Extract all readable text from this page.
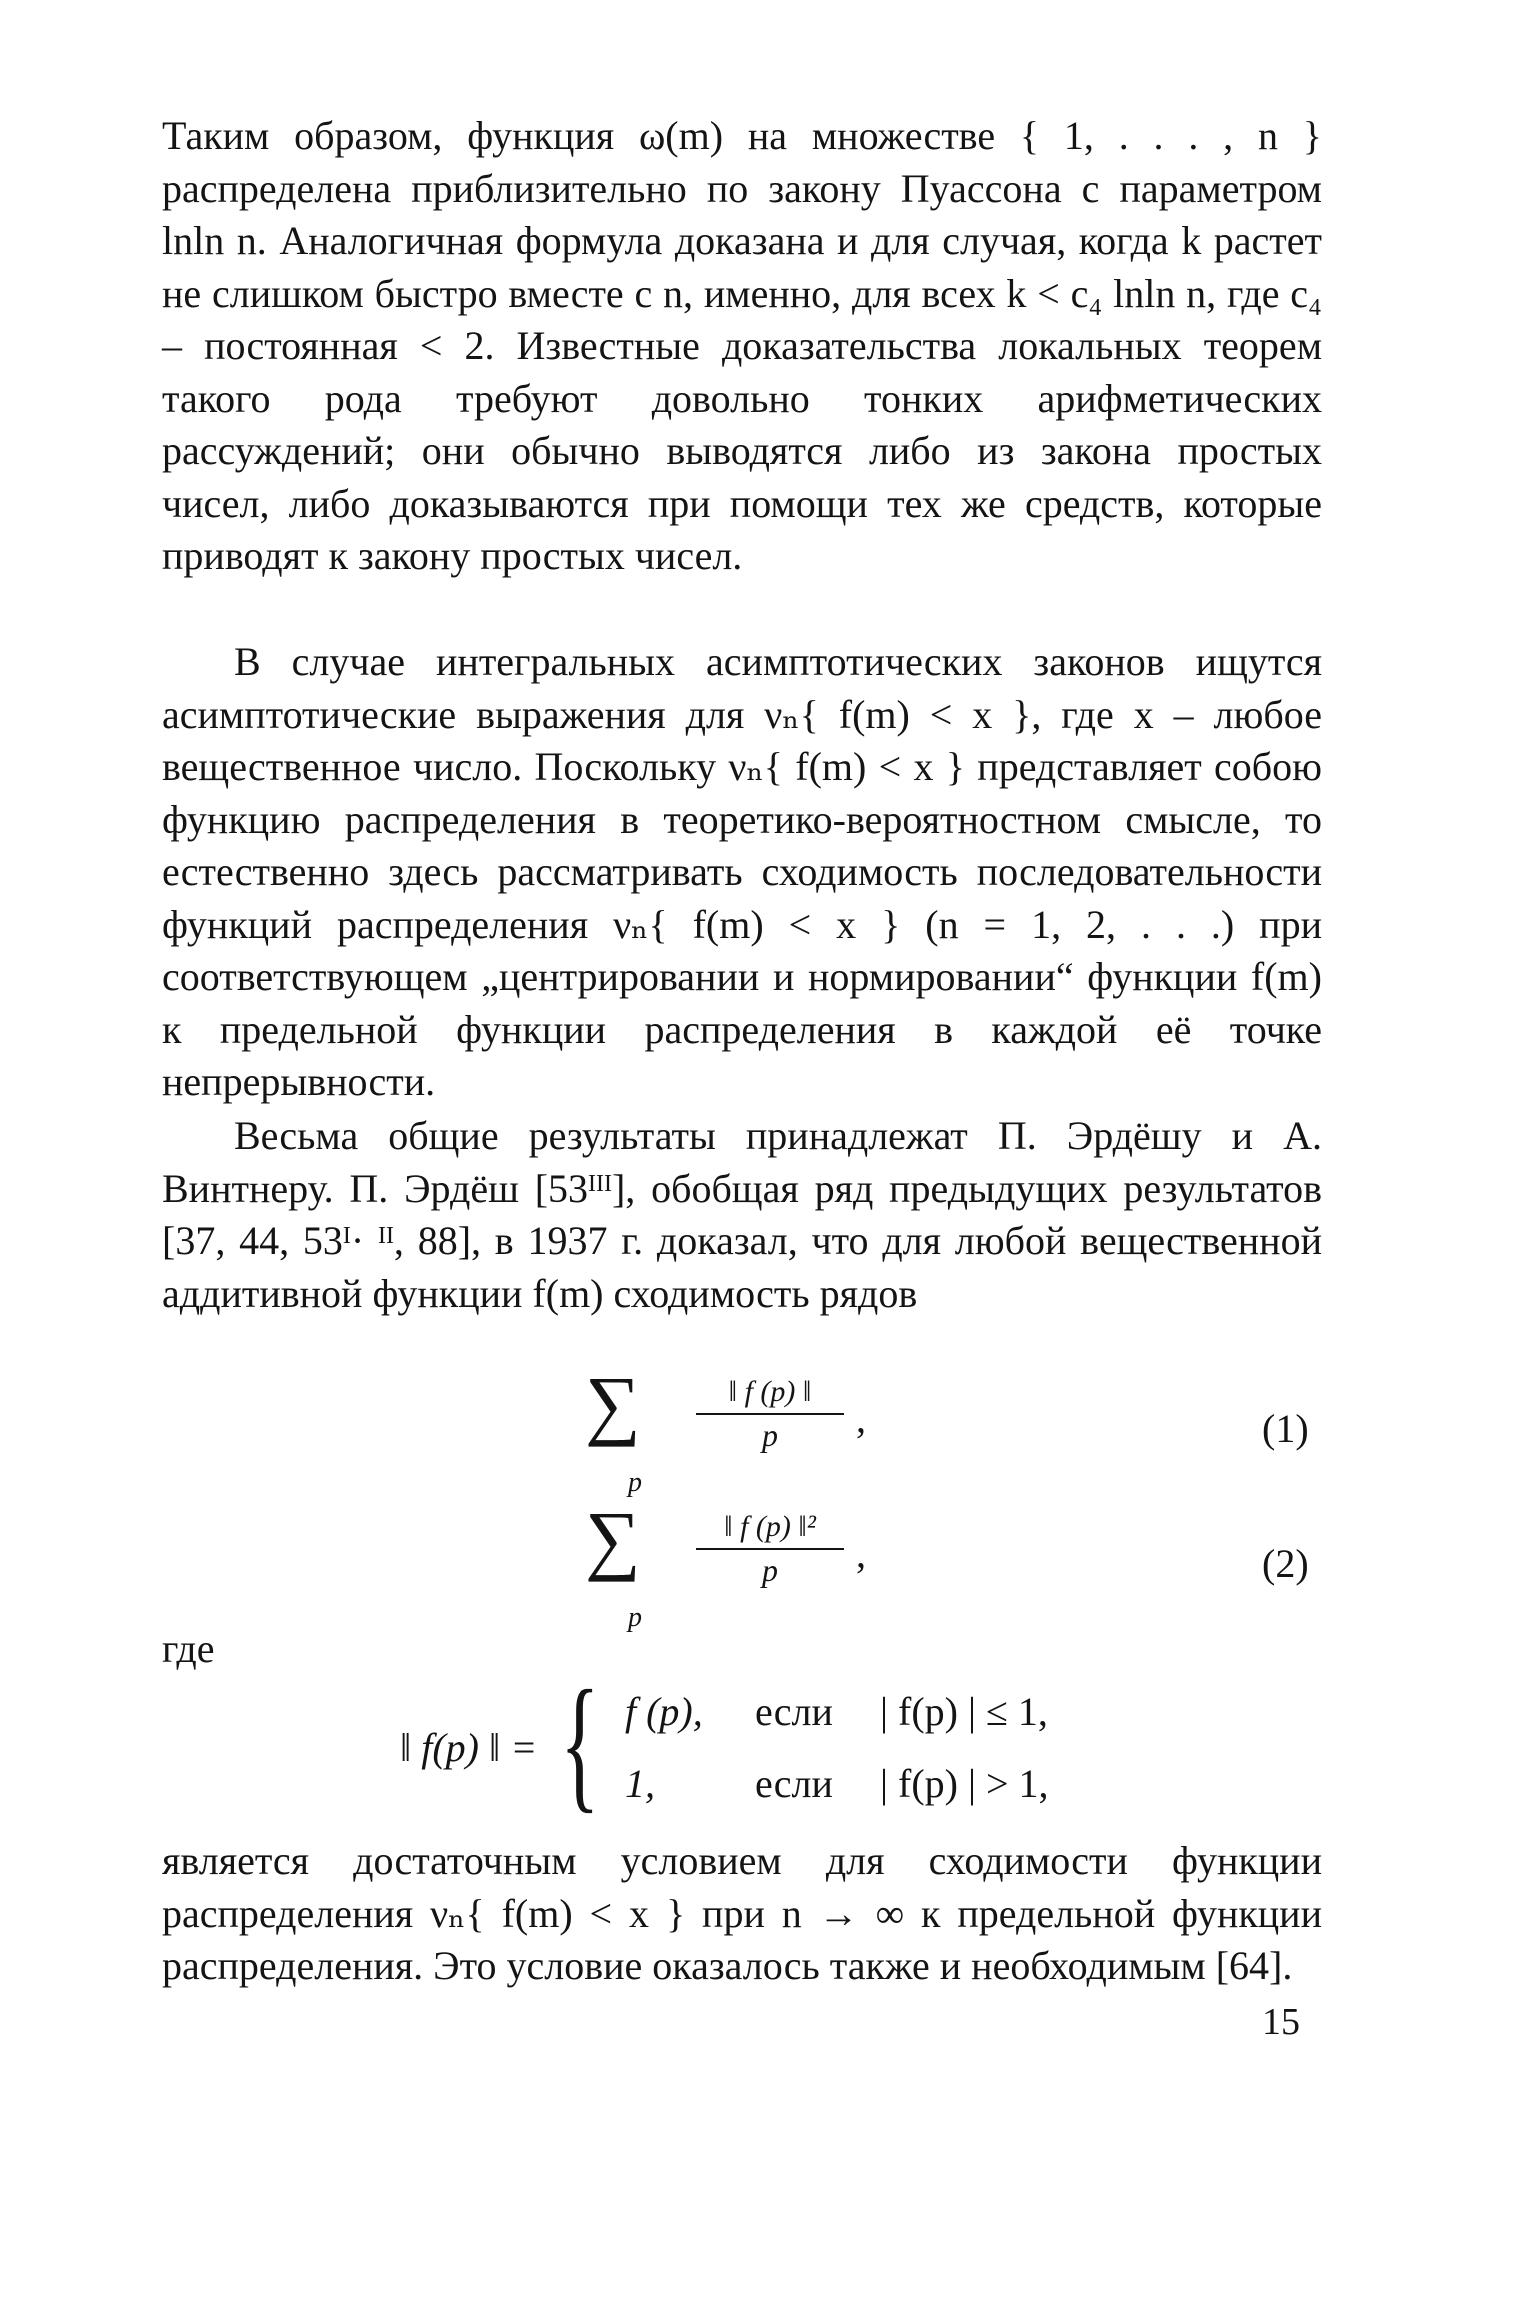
Таким образом, функция ω(m) на множестве { 1, . . . , n } распределена приблизительно по закону Пуассона с параметром lnln n. Аналогичная формула доказана и для случая, когда k растет не слишком быстро вместе с n, именно, для всех k < c₄ lnln n, где c₄ – постоянная < 2. Известные доказательства локальных теорем такого рода требуют довольно тонких арифметических рассуждений; они обычно выводятся либо из закона простых чисел, либо доказываются при помощи тех же средств, которые приводят к закону простых чисел.

В случае интегральных асимптотических законов ищутся асимптотические выражения для νₙ{ f(m) < x }, где x – любое вещественное число. Поскольку νₙ{ f(m) < x } представляет собою функцию распределения в теоретико-вероятностном смысле, то естественно здесь рассматривать сходимость последовательности функций распределения νₙ{ f(m) < x } (n = 1, 2, . . .) при соответствующем „центрировании и нормировании“ функции f(m) к предельной функции распределения в каждой её точке непрерывности.

Весьма общие результаты принадлежат П. Эрдёшу и А. Винтнеру. П. Эрдёш [53ᴵᴵᴵ], обобщая ряд предыдущих результатов [37, 44, 53ᴵ· ᴵᴵ, 88], в 1937 г. доказал, что для любой вещественной аддитивной функции f(m) сходимость рядов

∑
p
‖ f (p) ‖
p	,	(1)
∑
p
‖ f (p) ‖²
p	,	(2)
где
‖ f(p) ‖ = { f (p), если | f(p) | ≤ 1,
1,	если | f(p) | > 1,

является достаточным условием для сходимости функции распределения νₙ{ f(m) < x } при n → ∞ к предельной функции распределения. Это условие оказалось также и необходимым [64].

15
